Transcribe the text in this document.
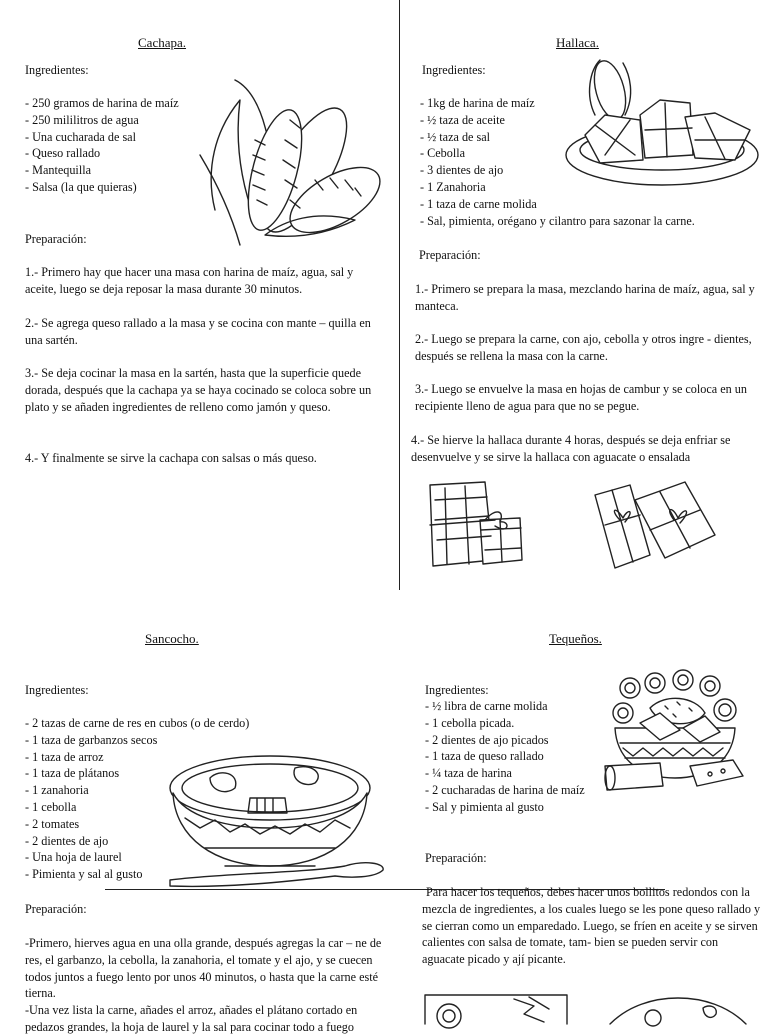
Cachapa.
Ingredientes:
- 250 gramos de harina de maíz
- 250 mililitros de agua
- Una cucharada de sal
- Queso rallado
- Mantequilla
- Salsa (la que quieras)
Preparación:
1.- Primero hay que hacer una masa con harina de maíz, agua, sal y aceite, luego se deja reposar la masa durante 30 minutos.
2.- Se agrega queso rallado a la masa y se cocina con mante – quilla en una sartén.
3.- Se deja cocinar la masa en la sartén, hasta que la superficie quede dorada, después que la cachapa ya se haya cocinado se coloca sobre un plato y se añaden ingredientes de relleno como jamón y queso.
4.- Y finalmente se sirve la cachapa con salsas o más queso.
Hallaca.
Ingredientes:
- 1kg de harina de maíz
- ½ taza de aceite
- ½ taza de sal
- Cebolla
- 3 dientes de ajo
- 1 Zanahoria
- 1 taza de carne molida
- Sal, pimienta, orégano y cilantro para sazonar la carne.
Preparación:
1.- Primero se prepara la masa, mezclando harina de maíz, agua, sal y manteca.
2.- Luego se prepara la carne, con ajo, cebolla y otros ingre - dientes, después se rellena la masa con la carne.
3.- Luego se envuelve la masa en hojas de cambur y se coloca en un recipiente lleno de agua para que no se pegue.
4.- Se hierve la hallaca durante 4 horas, después se deja enfriar se desenvuelve y se sirve la hallaca con aguacate o ensalada
Sancocho.
Ingredientes:
- 2 tazas de carne de res en cubos (o de cerdo)
- 1 taza de garbanzos secos
- 1 taza de arroz
- 1 taza de plátanos
- 1 zanahoria
- 1 cebolla
- 2 tomates
- 2 dientes de ajo
- Una hoja de laurel
- Pimienta y sal al gusto
Preparación:
-Primero, hierves agua en una olla grande, después agregas la car – ne de res, el garbanzo, la cebolla, la zanahoria, el tomate y el ajo, y se cuecen todos juntos a fuego lento por unos 40 minutos, o hasta que la carne esté tierna.
-Una vez lista la carne, añades el arroz, añades el plátano cortado en pedazos grandes, la hoja de laurel y la sal para cocinar todo a fuego
Tequeños.
Ingredientes:
- ½ libra de carne molida
- 1 cebolla picada.
- 2 dientes de ajo picados
- 1 taza de queso rallado
- ¼ taza de harina
- 2 cucharadas de harina de maíz
- Sal y pimienta al gusto
Preparación:
Para hacer los tequeños, debes hacer unos bollitos redondos con la mezcla de ingredientes, a los cuales luego se les pone queso rallado y se cierran como un emparedado. Luego, se fríen en aceite y se sirven calientes con salsa de tomate, tam- bien se pueden servir con aguacate picado y ají picante.
